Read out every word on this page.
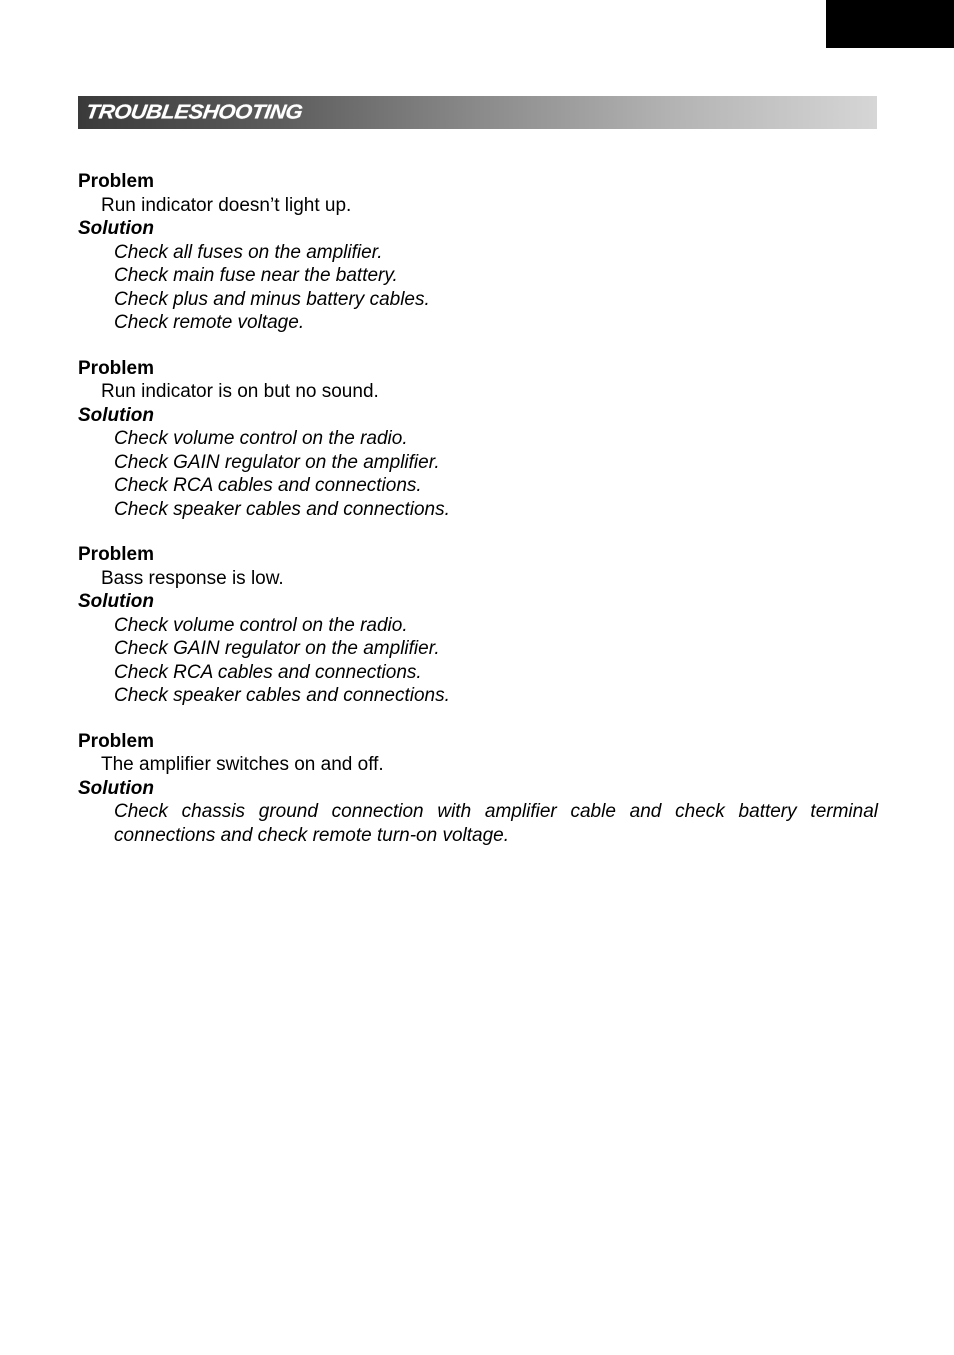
TROUBLESHOOTING
Problem
Run indicator doesn’t light up.
Solution
Check all fuses on the amplifier.
Check main fuse near the battery.
Check plus and minus battery cables.
Check remote voltage.
Problem
Run indicator is on but no sound.
Solution
Check volume control on the radio.
Check GAIN regulator on the amplifier.
Check RCA cables and connections.
Check speaker cables and connections.
Problem
Bass response is low.
Solution
Check volume control on the radio.
Check GAIN regulator on the amplifier.
Check RCA cables and connections.
Check speaker cables and connections.
Problem
The amplifier switches on and off.
Solution
Check chassis ground connection with amplifier cable and check battery terminal connections and check remote turn-on voltage.
